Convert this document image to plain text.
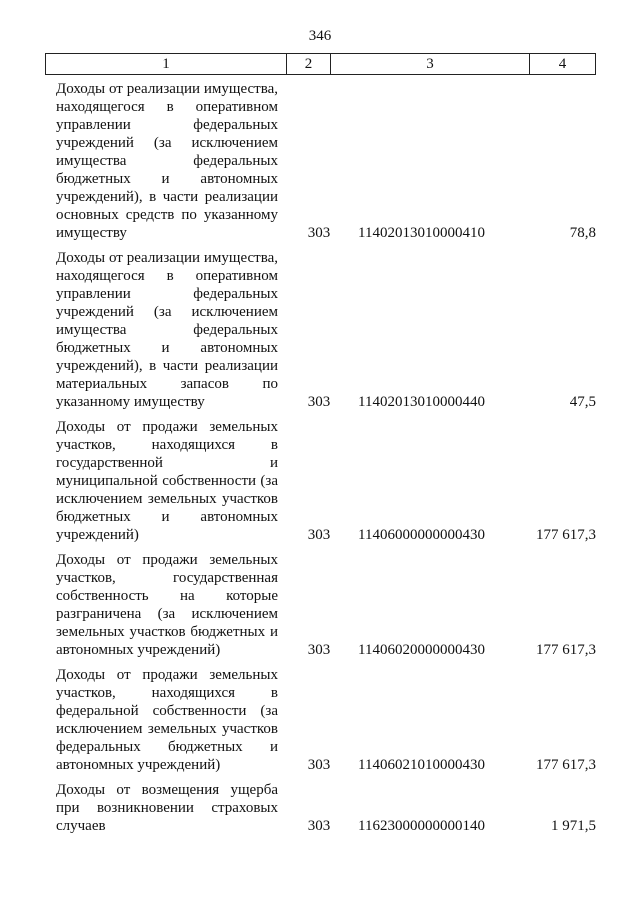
346
1	2	3	4
Доходы от реализации имущества, находящегося в оперативном управлении федеральных учреждений (за исключением имущества федеральных бюджетных и автономных учреждений), в части реализации основных средств по указанному имуществу	303	11402013010000410	78,8
Доходы от реализации имущества, находящегося в оперативном управлении федеральных учреждений (за исключением имущества федеральных бюджетных и автономных учреждений), в части реализации материальных запасов по указанному имуществу	303	11402013010000440	47,5
Доходы от продажи земельных участков, находящихся в государственной и муниципальной собственности (за исключением земельных участков бюджетных и автономных учреждений)	303	11406000000000430	177 617,3
Доходы от продажи земельных участков, государственная собственность на которые разграничена (за исключением земельных участков бюджетных и автономных учреждений)	303	11406020000000430	177 617,3
Доходы от продажи земельных участков, находящихся в федеральной собственности (за исключением земельных участков федеральных бюджетных и автономных учреждений)	303	11406021010000430	177 617,3
Доходы от возмещения ущерба при возникновении страховых случаев	303	11623000000000140	1 971,5
